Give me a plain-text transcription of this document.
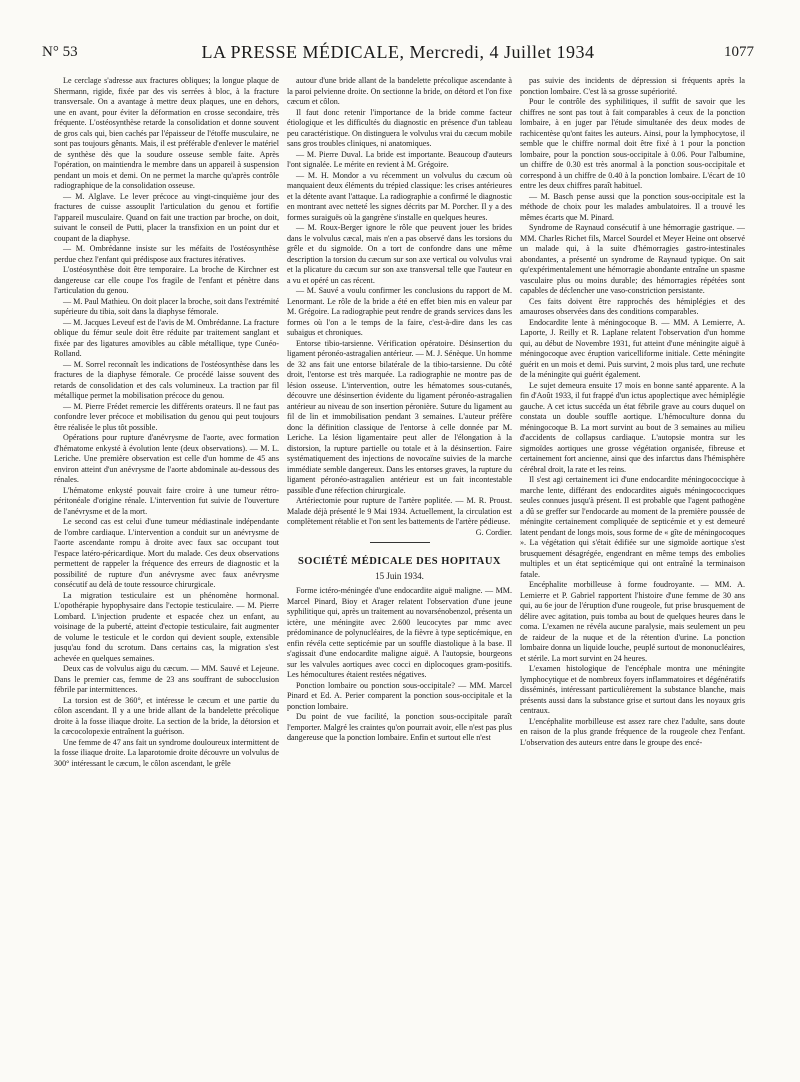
N° 53	LA PRESSE MÉDICALE, Mercredi, 4 Juillet 1934	1077

Le cerclage s'adresse aux fractures obliques; la longue plaque de Shermann, rigide, fixée par des vis serrées à bloc, à la fracture transversale. On a avantage à mettre deux plaques, une en dehors, une en avant, pour éviter la déformation en crosse secondaire, très fréquente. L'ostéosynthèse retarde la consolidation et donne souvent de gros cals qui, bien cachés par l'épaisseur de l'étoffe musculaire, ne sont pas toujours gênants. Mais, il est préférable d'enlever le matériel de synthèse dès que la soudure osseuse semble faite. Après l'opération, on maintiendra le membre dans un appareil à suspension pendant un mois et demi. On ne permet la marche qu'après contrôle radiographique de la consolidation osseuse.

— M. Alglave. Le lever précoce au vingt-cinquième jour des fractures de cuisse assouplit l'articulation du genou et fortifie l'appareil musculaire. Quand on fait une traction par broche, on doit, suivant le conseil de Putti, placer la transfixion en un point dur et coupant de la diaphyse.

— M. Ombrédanne insiste sur les méfaits de l'ostéosynthèse perdue chez l'enfant qui prédispose aux fractures itératives.

L'ostéosynthèse doit être temporaire. La broche de Kirchner est dangereuse car elle coupe l'os fragile de l'enfant et pénètre dans l'articulation du genou.

— M. Paul Mathieu. On doit placer la broche, soit dans l'extrémité supérieure du tibia, soit dans la diaphyse fémorale.

— M. Jacques Leveuf est de l'avis de M. Ombrédanne. La fracture oblique du fémur seule doit être réduite par traitement sanglant et fixée par des ligatures amovibles au câble métallique, type Cunéo-Rolland.

— M. Sorrel reconnaît les indications de l'ostéosynthèse dans les fractures de la diaphyse fémorale. Ce procédé laisse souvent des retards de consolidation et des cals volumineux. La traction par fil métallique permet la mobilisation précoce du genou.

— M. Pierre Frédet remercie les différents orateurs. Il ne faut pas confondre lever précoce et mobilisation du genou qui peut toujours être réalisée le plus tôt possible.

Opérations pour rupture d'anévrysme de l'aorte, avec formation d'hématome enkysté à évolution lente (deux observations). — M. L. Leriche. Une première observation est celle d'un homme de 45 ans environ atteint d'un anévrysme de l'aorte abdominale au-dessous des rénales.

L'hématome enkysté pouvait faire croire à une tumeur rétro-péritonéale d'origine rénale. L'intervention fut suivie de l'ouverture de l'anévrysme et de la mort.

Le second cas est celui d'une tumeur médiastinale indépendante de l'ombre cardiaque. L'intervention a conduit sur un anévrysme de l'aorte ascendante rompu à droite avec faux sac occupant tout l'espace latéro-péricardique. Mort du malade. Ces deux observations permettent de rappeler la fréquence des erreurs de diagnostic et la possibilité de rupture d'un anévrysme avec faux anévrysme consécutif au delà de toute ressource chirurgicale.

La migration testiculaire est un phénomène hormonal. L'opothérapie hypophysaire dans l'ectopie testiculaire. — M. Pierre Lombard. L'injection prudente et espacée chez un enfant, au voisinage de la puberté, atteint d'ectopie testiculaire, fait augmenter de volume le testicule et le cordon qui devient souple, extensible jusqu'au fond du scrotum. Dans certains cas, la migration s'est achevée en quelques semaines.

Deux cas de volvulus aigu du cæcum. — MM. Sauvé et Lejeune. Dans le premier cas, femme de 23 ans souffrant de subocclusion fébrile par intermittences.

La torsion est de 360°, et intéresse le cæcum et une partie du côlon ascendant. Il y a une bride allant de la bandelette précolique droite à la fosse iliaque droite. La section de la bride, la détorsion et la cæcocolopexie entraînent la guérison.

Une femme de 47 ans fait un syndrome douloureux intermittent de la fosse iliaque droite. La laparotomie droite découvre un volvulus de 300° intéressant le cæcum, le côlon ascendant, le grêle

autour d'une bride allant de la bandelette précolique ascendante à la paroi pelvienne droite. On sectionne la bride, on détord et l'on fixe cæcum et côlon.

Il faut donc retenir l'importance de la bride comme facteur étiologique et les difficultés du diagnostic en présence d'un tableau peu caractéristique. On distinguera le volvulus vrai du cæcum mobile sans gros troubles cliniques, ni anatomiques.

— M. Pierre Duval. La bride est importante. Beaucoup d'auteurs l'ont signalée. Le mérite en revient à M. Grégoire.

— M. H. Mondor a vu récemment un volvulus du cæcum où manquaient deux éléments du trépied classique: les crises antérieures et la détente avant l'attaque. La radiographie a confirmé le diagnostic en montrant avec netteté les signes décrits par M. Porcher. Il y a des formes suraiguës où la gangrène s'installe en quelques heures.

— M. Roux-Berger ignore le rôle que peuvent jouer les brides dans le volvulus cæcal, mais n'en a pas observé dans les torsions du grêle et du sigmoïde. On a tort de confondre dans une même description la torsion du cæcum sur son axe vertical ou volvulus vrai et la plicature du cæcum sur son axe transversal telle que l'auteur en a vu et opéré un cas récent.

— M. Sauvé a voulu confirmer les conclusions du rapport de M. Lenormant. Le rôle de la bride a été en effet bien mis en valeur par M. Grégoire. La radiographie peut rendre de grands services dans les formes où l'on a le temps de la faire, c'est-à-dire dans les cas subaigus et chroniques.

Entorse tibio-tarsienne. Vérification opératoire. Désinsertion du ligament péronéo-astragalien antérieur. — M. J. Sénèque. Un homme de 32 ans fait une entorse bilatérale de la tibio-tarsienne. Du côté droit, l'entorse est très marquée. La radiographie ne montre pas de lésion osseuse. L'intervention, outre les hématomes sous-cutanés, découvre une désinsertion évidente du ligament péronéo-astragalien antérieur au niveau de son insertion péronière. Suture du ligament au fil de lin et immobilisation pendant 3 semaines. L'auteur préfère donc la définition classique de l'entorse à celle donnée par M. Leriche. La lésion ligamentaire peut aller de l'élongation à la distorsion, la rupture partielle ou totale et à la désinsertion. Faire systématiquement des injections de novocaïne suivies de la marche immédiate semble dangereux. Dans les entorses graves, la rupture du ligament péronéo-astragalien antérieur est un fait incontestable passible d'une réfection chirurgicale.

Artériectomie pour rupture de l'artère poplitée. — M. R. Proust. Malade déjà présenté le 9 Mai 1934. Actuellement, la circulation est complètement rétablie et l'on sent les battements de l'artère pédieuse.

G. Cordier.

SOCIÉTÉ MÉDICALE DES HOPITAUX
15 Juin 1934.

Forme ictéro-méningée d'une endocardite aiguë maligne. — MM. Marcel Pinard, Bioy et Arager relatent l'observation d'une jeune syphilitique qui, après un traitement au novarsénobenzol, présenta un ictère, une méningite avec 2.600 leucocytes par mmc avec prédominance de polynucléaires, de la fièvre à type septicémique, en enfin révéla cette septicémie par un souffle diastolique à la base. Il s'agissait d'une endocardite maligne aiguë. A l'autopsie, bourgeons sur les valvules aortiques avec cocci en diplocoques gram-positifs. Les hémocultures étaient restées négatives.

Ponction lombaire ou ponction sous-occipitale? — MM. Marcel Pinard et Ed. A. Perier comparent la ponction sous-occipitale et la ponction lombaire.

Du point de vue facilité, la ponction sous-occipitale paraît l'emporter. Malgré les craintes qu'on pourrait avoir, elle n'est pas plus dangereuse que la ponction lombaire. Enfin et surtout elle n'est

pas suivie des incidents de dépression si fréquents après la ponction lombaire. C'est là sa grosse supériorité.

Pour le contrôle des syphilitiques, il suffit de savoir que les chiffres ne sont pas tout à fait comparables à ceux de la ponction lombaire, à en juger par l'étude simultanée des deux modes de rachicentèse qu'ont faites les auteurs. Ainsi, pour la lymphocytose, il semble que le chiffre normal doit être fixé à 1 pour la ponction lombaire, pour la ponction sous-occipitale à 0.06. Pour l'albumine, un chiffre de 0.30 est très anormal à la ponction sous-occipitale et correspond à un chiffre de 0.40 à la ponction lombaire. L'écart de 10 entre les deux chiffres paraît habituel.

— M. Basch pense aussi que la ponction sous-occipitale est la méthode de choix pour les malades ambulatoires. Il a trouvé les mêmes écarts que M. Pinard.

Syndrome de Raynaud consécutif à une hémorragie gastrique. — MM. Charles Richet fils, Marcel Sourdel et Meyer Heine ont observé un malade qui, à la suite d'hémorragies gastro-intestinales abondantes, a présenté un syndrome de Raynaud typique. On sait qu'expérimentalement une hémorragie abondante entraîne un spasme vasculaire plus ou moins durable; des hémorragies répétées sont capables de déclencher une vaso-constriction persistante.

Ces faits doivent être rapprochés des hémiplégies et des amauroses observées dans des conditions comparables.

Endocardite lente à méningocoque B. — MM. A Lemierre, A. Laporte, J. Reilly et R. Laplane relatent l'observation d'un homme qui, au début de Novembre 1931, fut atteint d'une méningite aiguë à méningocoque avec éruption varicelliforme initiale. Cette méningite guérit en un mois et demi. Puis survint, 2 mois plus tard, une rechute de la méningite qui guérit également.

Le sujet demeura ensuite 17 mois en bonne santé apparente. A la fin d'Août 1933, il fut frappé d'un ictus apoplectique avec hémiplégie gauche. A cet ictus succéda un état fébrile grave au cours duquel on constata un double souffle aortique. L'hémoculture donna du méningocoque B. La mort survint au bout de 3 semaines au milieu d'accidents de collapsus cardiaque. L'autopsie montra sur les sigmoïdes aortiques une grosse végétation organisée, fibreuse et certainement fort ancienne, ainsi que des infarctus dans l'hémisphère cérébral droit, la rate et les reins.

Il s'est agi certainement ici d'une endocardite méningococcique à marche lente, différant des endocardites aiguës méningococciques seules connues jusqu'à présent. Il est probable que l'agent pathogène a dû se greffer sur l'endocarde au moment de la première poussée de méningite certainement compliquée de septicémie et y est demeuré latent pendant de longs mois, sous forme de « gîte de méningocoques ». La végétation qui s'était édifiée sur une sigmoïde aortique s'est brusquement désagrégée, engendrant en même temps des embolies multiples et un état septicémique qui ont entraîné la terminaison fatale.

Encéphalite morbilleuse à forme foudroyante. — MM. A. Lemierre et P. Gabriel rapportent l'histoire d'une femme de 30 ans qui, au 6e jour de l'éruption d'une rougeole, fut prise brusquement de délire avec agitation, puis tomba au bout de quelques heures dans le coma. L'examen ne révéla aucune paralysie, mais seulement un peu de raideur de la nuque et de la rétention d'urine. La ponction lombaire donna un liquide louche, peuplé surtout de mononucléaires, et stérile. La mort survint en 24 heures.

L'examen histologique de l'encéphale montra une méningite lymphocytique et de nombreux foyers inflammatoires et dégénératifs disséminés, intéressant particulièrement la substance blanche, mais présents aussi dans la substance grise et surtout dans les noyaux gris centraux.

L'encéphalite morbilleuse est assez rare chez l'adulte, sans doute en raison de la plus grande fréquence de la rougeole chez l'enfant. L'observation des auteurs entre dans le groupe des encé-
